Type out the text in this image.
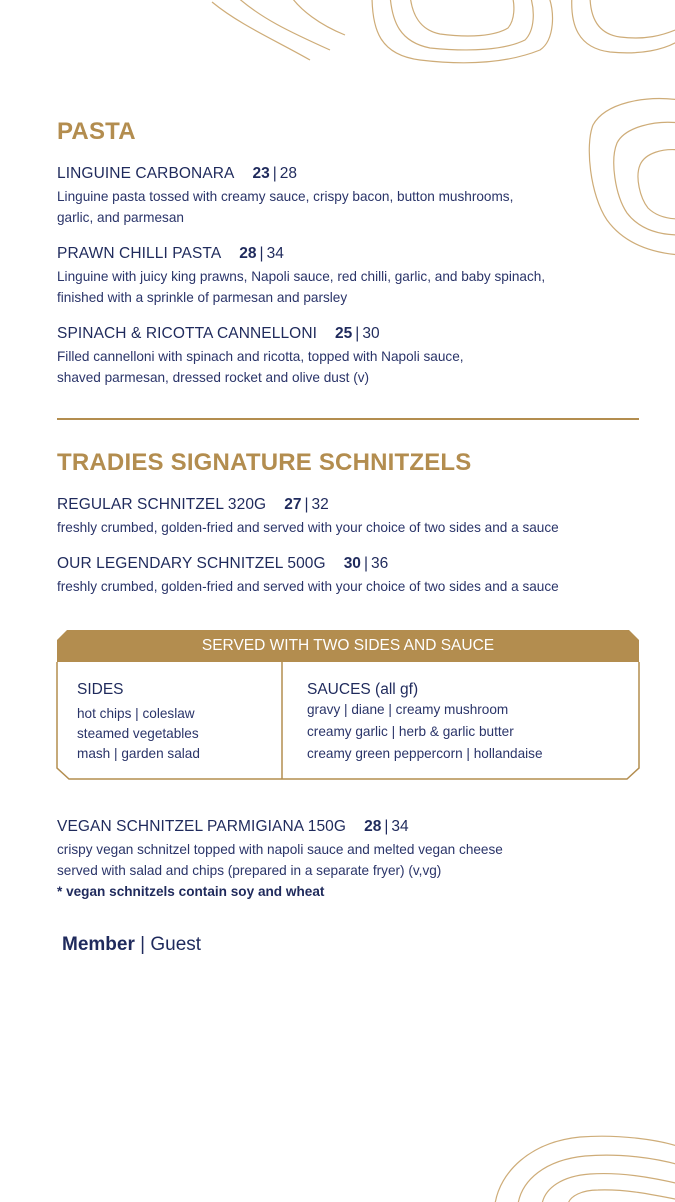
PASTA
LINGUINE CARBONARA 23 | 28
Linguine pasta tossed with creamy sauce, crispy bacon, button mushrooms,
garlic, and parmesan
PRAWN CHILLI PASTA 28 | 34
Linguine with juicy king prawns, Napoli sauce, red chilli, garlic, and baby spinach,
finished with a sprinkle of parmesan and parsley
SPINACH & RICOTTA CANNELLONI 25 | 30
Filled cannelloni with spinach and ricotta, topped with Napoli sauce,
shaved parmesan, dressed rocket and olive dust (v)
TRADIES SIGNATURE SCHNITZELS
REGULAR SCHNITZEL 320G 27 | 32
freshly crumbed, golden-fried and served with your choice of two sides and a sauce
OUR LEGENDARY SCHNITZEL 500G 30 | 36
freshly crumbed, golden-fried and served with your choice of two sides and a sauce
SERVED WITH TWO SIDES AND SAUCE
SIDES
hot chips | coleslaw
steamed vegetables
mash | garden salad
SAUCES (all gf)
gravy | diane | creamy mushroom
creamy garlic | herb & garlic butter
creamy green peppercorn | hollandaise
VEGAN SCHNITZEL PARMIGIANA 150G 28 | 34
crispy vegan schnitzel topped with napoli sauce and melted vegan cheese
served with salad and chips (prepared in a separate fryer) (v,vg)
* vegan schnitzels contain soy and wheat
Member | Guest
